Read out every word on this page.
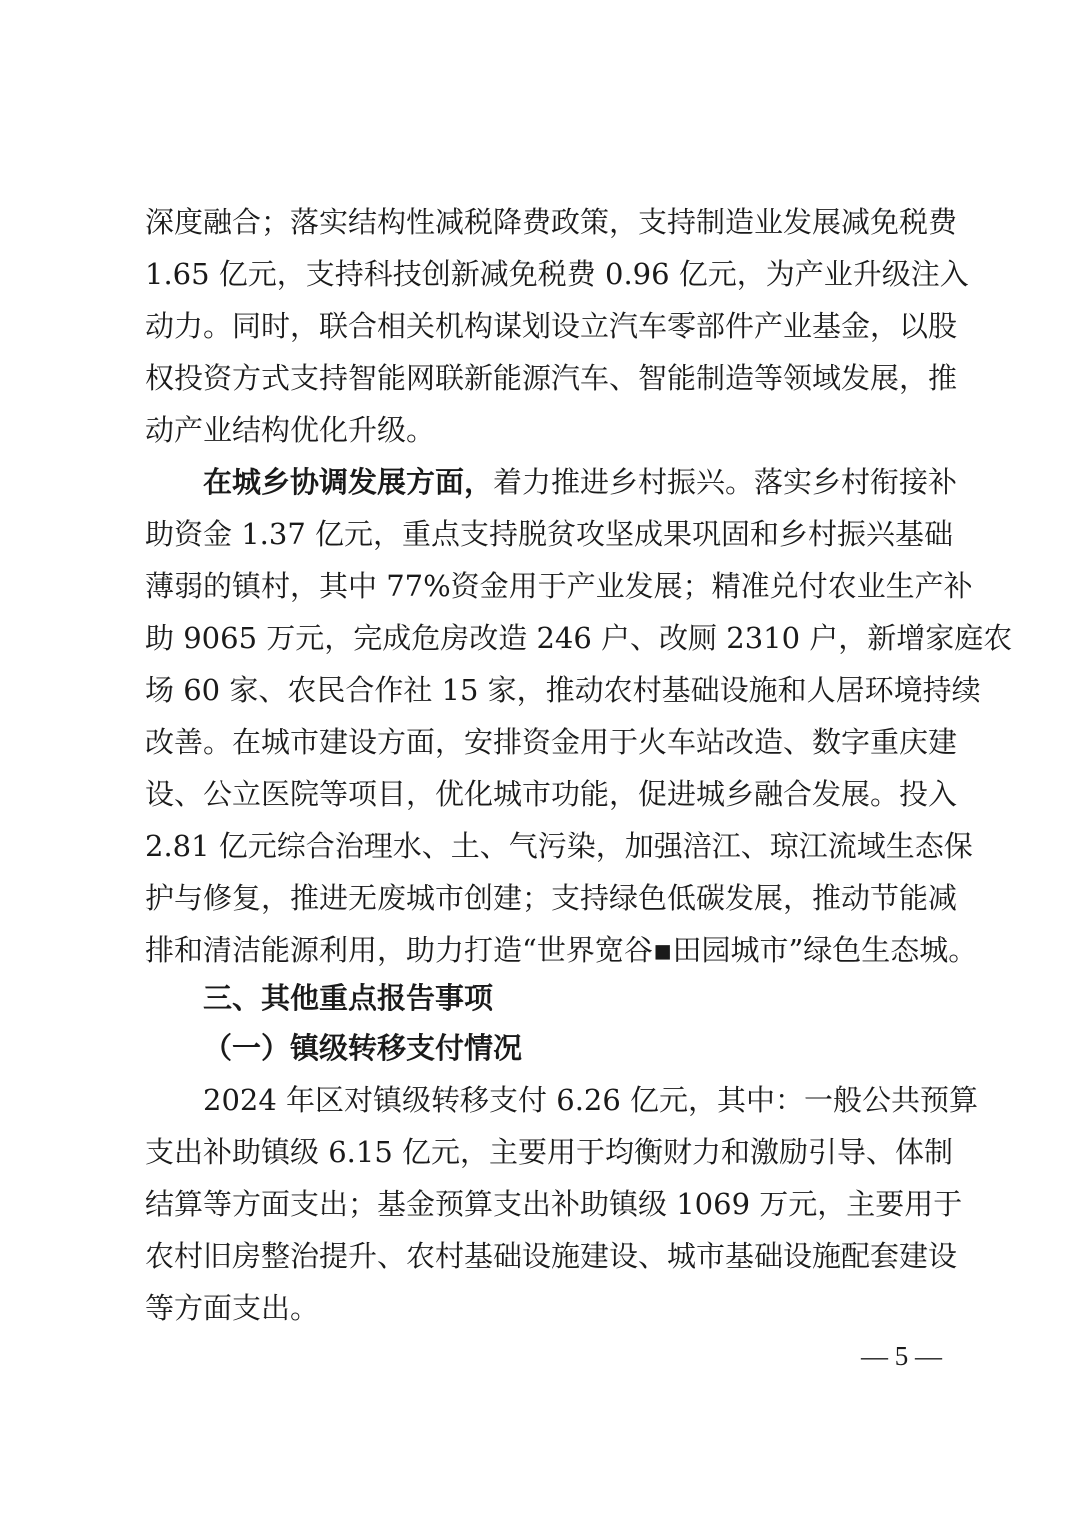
深度融合；落实结构性减税降费政策，支持制造业发展减免税费
1.65 亿元，支持科技创新减免税费 0.96 亿元，为产业升级注入
动力。同时，联合相关机构谋划设立汽车零部件产业基金，以股
权投资方式支持智能网联新能源汽车、智能制造等领域发展，推
动产业结构优化升级。
在城乡协调发展方面，着力推进乡村振兴。落实乡村衔接补
助资金 1.37 亿元，重点支持脱贫攻坚成果巩固和乡村振兴基础
薄弱的镇村，其中 77%资金用于产业发展；精准兑付农业生产补
助 9065 万元，完成危房改造 246 户、改厕 2310 户，新增家庭农
场 60 家、农民合作社 15 家，推动农村基础设施和人居环境持续
改善。在城市建设方面，安排资金用于火车站改造、数字重庆建
设、公立医院等项目，优化城市功能，促进城乡融合发展。投入
2.81 亿元综合治理水、土、气污染，加强涪江、琼江流域生态保
护与修复，推进无废城市创建；支持绿色低碳发展，推动节能减
排和清洁能源利用，助力打造“世界宽谷▪田园城市”绿色生态城。
三、其他重点报告事项
（一）镇级转移支付情况
2024 年区对镇级转移支付 6.26 亿元，其中：一般公共预算
支出补助镇级 6.15 亿元，主要用于均衡财力和激励引导、体制
结算等方面支出；基金预算支出补助镇级 1069 万元，主要用于
农村旧房整治提升、农村基础设施建设、城市基础设施配套建设
等方面支出。
— 5 —
